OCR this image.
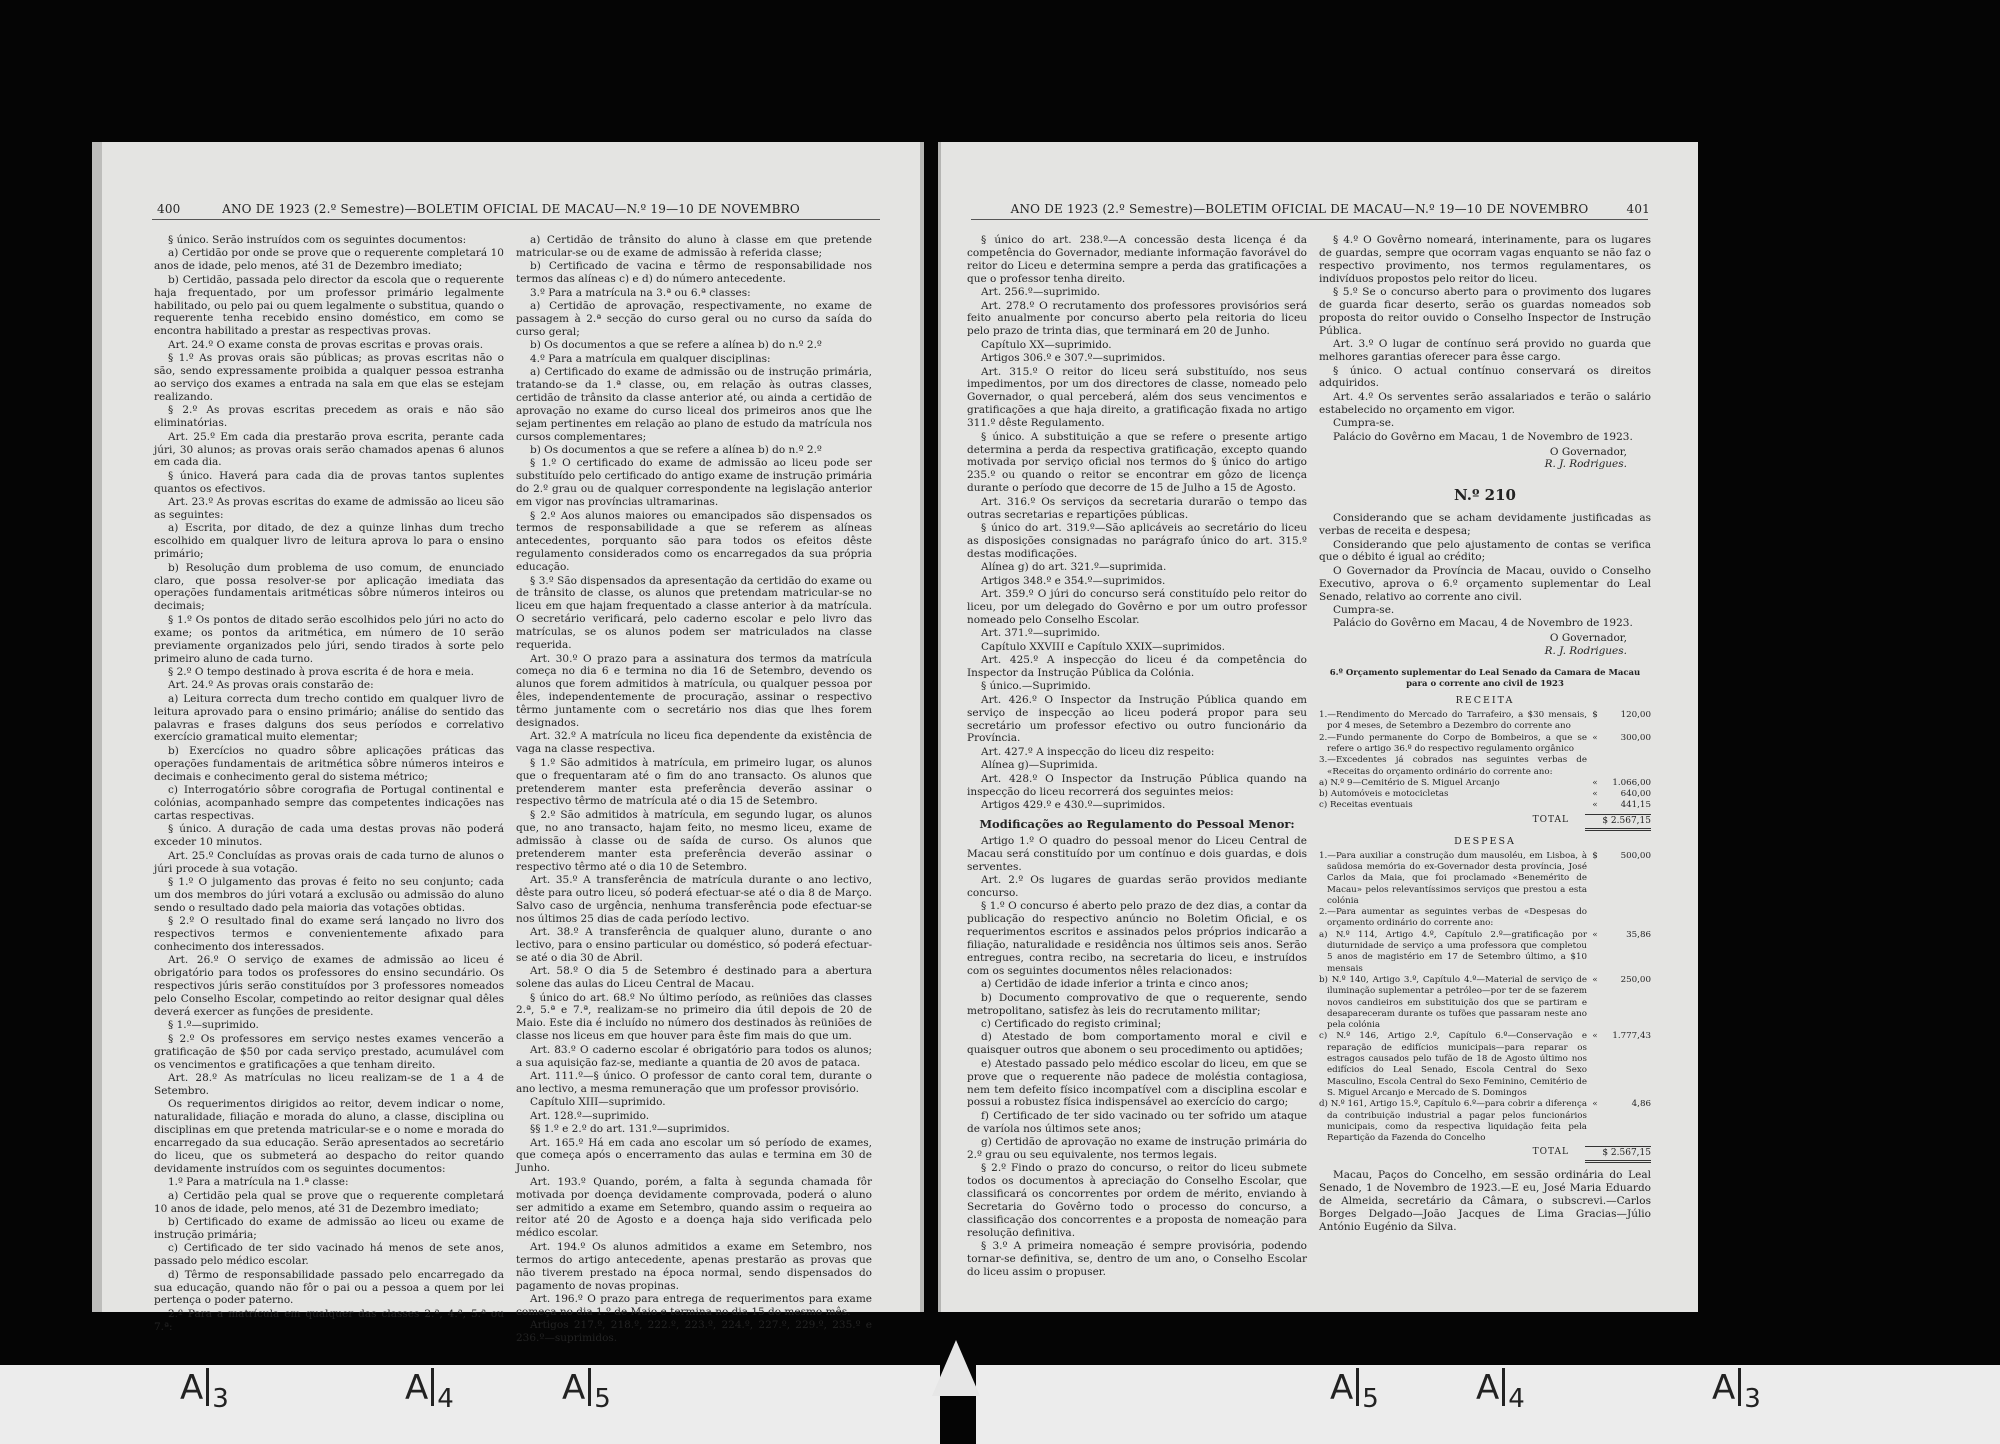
400	ANO DE 1923 (2.º Semestre)—BOLETIM OFICIAL DE MACAU—N.º 19—10 DE NOVEMBRO

§ único. Serão instruídos com os seguintes documentos:

a) Certidão por onde se prove que o requerente completará 10 anos de idade, pelo menos, até 31 de Dezembro imediato;

b) Certidão, passada pelo director da escola que o requerente haja frequentado, por um professor primário legalmente habilitado, ou pelo pai ou quem legalmente o substitua, quando o requerente tenha recebido ensino doméstico, em como se encontra habilitado a prestar as respectivas provas.

Art. 24.º O exame consta de provas escritas e provas orais.

§ 1.º As provas orais são públicas; as provas escritas não o são, sendo expressamente proibida a qualquer pessoa estranha ao serviço dos exames a entrada na sala em que elas se estejam realizando.

§ 2.º As provas escritas precedem as orais e não são eliminatórias.

Art. 25.º Em cada dia prestarão prova escrita, perante cada júri, 30 alunos; as provas orais serão chamados apenas 6 alunos em cada dia.

§ único. Haverá para cada dia de provas tantos suplentes quantos os efectivos.

Art. 23.º As provas escritas do exame de admissão ao liceu são as seguintes:

a) Escrita, por ditado, de dez a quinze linhas dum trecho escolhido em qualquer livro de leitura aprova lo para o ensino primário;

b) Resolução dum problema de uso comum, de enunciado claro, que possa resolver-se por aplicação imediata das operações fundamentais aritméticas sôbre números inteiros ou decimais;

§ 1.º Os pontos de ditado serão escolhidos pelo júri no acto do exame; os pontos da aritmética, em número de 10 serão previamente organizados pelo júri, sendo tirados à sorte pelo primeiro aluno de cada turno.

§ 2.º O tempo destinado à prova escrita é de hora e meia.

Art. 24.º As provas orais constarão de:

a) Leitura correcta dum trecho contido em qualquer livro de leitura aprovado para o ensino primário; análise do sentido das palavras e frases dalguns dos seus períodos e correlativo exercício gramatical muito elementar;

b) Exercícios no quadro sôbre aplicações práticas das operações fundamentais de aritmética sôbre números inteiros e decimais e conhecimento geral do sistema métrico;

c) Interrogatório sôbre corografia de Portugal continental e colónias, acompanhado sempre das competentes indicações nas cartas respectivas.

§ único. A duração de cada uma destas provas não poderá exceder 10 minutos.

Art. 25.º Concluídas as provas orais de cada turno de alunos o júri procede à sua votação.

§ 1.º O julgamento das provas é feito no seu conjunto; cada um dos membros do júri votará a exclusão ou admissão do aluno sendo o resultado dado pela maioria das votações obtidas.

§ 2.º O resultado final do exame será lançado no livro dos respectivos termos e convenientemente afixado para conhecimento dos interessados.

Art. 26.º O serviço de exames de admissão ao liceu é obrigatório para todos os professores do ensino secundário. Os respectivos júris serão constituídos por 3 professores nomeados pelo Conselho Escolar, competindo ao reitor designar qual dêles deverá exercer as funções de presidente.

§ 1.º—suprimido.

§ 2.º Os professores em serviço nestes exames vencerão a gratificação de $50 por cada serviço prestado, acumulável com os vencimentos e gratificações a que tenham direito.

Art. 28.º As matrículas no liceu realizam-se de 1 a 4 de Setembro.

Os requerimentos dirigidos ao reitor, devem indicar o nome, naturalidade, filiação e morada do aluno, a classe, disciplina ou disciplinas em que pretenda matricular-se e o nome e morada do encarregado da sua educação. Serão apresentados ao secretário do liceu, que os submeterá ao despacho do reitor quando devidamente instruídos com os seguintes documentos:

1.º Para a matrícula na 1.ª classe:

a) Certidão pela qual se prove que o requerente completará 10 anos de idade, pelo menos, até 31 de Dezembro imediato;

b) Certificado do exame de admissão ao liceu ou exame de instrução primária;

c) Certificado de ter sido vacinado há menos de sete anos, passado pelo médico escolar.

d) Têrmo de responsabilidade passado pelo encarregado da sua educação, quando não fôr o pai ou a pessoa a quem por lei pertença o poder paterno.

2.º Para a matrícula em qualquer das classes 2.ª, 4.ª, 5.ª ou 7.ª:

a) Certidão de trânsito do aluno à classe em que pretende matricular-se ou de exame de admissão à referida classe;

b) Certificado de vacina e têrmo de responsabilidade nos termos das alíneas c) e d) do número antecedente.

3.º Para a matrícula na 3.ª ou 6.ª classes:

a) Certidão de aprovação, respectivamente, no exame de passagem à 2.ª secção do curso geral ou no curso da saída do curso geral;

b) Os documentos a que se refere a alínea b) do n.º 2.º

4.º Para a matrícula em qualquer disciplinas:

a) Certificado do exame de admissão ou de instrução primária, tratando-se da 1.ª classe, ou, em relação às outras classes, certidão de trânsito da classe anterior até, ou ainda a certidão de aprovação no exame do curso liceal dos primeiros anos que lhe sejam pertinentes em relação ao plano de estudo da matrícula nos cursos complementares;

b) Os documentos a que se refere a alínea b) do n.º 2.º

§ 1.º O certificado do exame de admissão ao liceu pode ser substituído pelo certificado do antigo exame de instrução primária do 2.º grau ou de qualquer correspondente na legislação anterior em vigor nas províncias ultramarinas.

§ 2.º Aos alunos maiores ou emancipados são dispensados os termos de responsabilidade a que se referem as alíneas antecedentes, porquanto são para todos os efeitos dêste regulamento considerados como os encarregados da sua própria educação.

§ 3.º São dispensados da apresentação da certidão do exame ou de trânsito de classe, os alunos que pretendam matricular-se no liceu em que hajam frequentado a classe anterior à da matrícula. O secretário verificará, pelo caderno escolar e pelo livro das matrículas, se os alunos podem ser matriculados na classe requerida.

Art. 30.º O prazo para a assinatura dos termos da matrícula começa no dia 6 e termina no dia 16 de Setembro, devendo os alunos que forem admitidos à matrícula, ou qualquer pessoa por êles, independentemente de procuração, assinar o respectivo têrmo juntamente com o secretário nos dias que lhes forem designados.

Art. 32.º A matrícula no liceu fica dependente da existência de vaga na classe respectiva.

§ 1.º São admitidos à matrícula, em primeiro lugar, os alunos que o frequentaram até o fim do ano transacto. Os alunos que pretenderem manter esta preferência deverão assinar o respectivo têrmo de matrícula até o dia 15 de Setembro.

§ 2.º São admitidos à matrícula, em segundo lugar, os alunos que, no ano transacto, hajam feito, no mesmo liceu, exame de admissão à classe ou de saída de curso. Os alunos que pretenderem manter esta preferência deverão assinar o respectivo têrmo até o dia 10 de Setembro.

Art. 35.º A transferência de matrícula durante o ano lectivo, dêste para outro liceu, só poderá efectuar-se até o dia 8 de Março. Salvo caso de urgência, nenhuma transferência pode efectuar-se nos últimos 25 dias de cada período lectivo.

Art. 38.º A transferência de qualquer aluno, durante o ano lectivo, para o ensino particular ou doméstico, só poderá efectuar-se até o dia 30 de Abril.

Art. 58.º O dia 5 de Setembro é destinado para a abertura solene das aulas do Liceu Central de Macau.

§ único do art. 68.º No último período, as reüniões das classes 2.ª, 5.ª e 7.ª, realizam-se no primeiro dia útil depois de 20 de Maio. Este dia é incluído no número dos destinados às reüniões de classe nos liceus em que houver para êste fim mais do que um.

Art. 83.º O caderno escolar é obrigatório para todos os alunos; a sua aquisição faz-se, mediante a quantia de 20 avos de pataca.

Art. 111.º—§ único. O professor de canto coral tem, durante o ano lectivo, a mesma remuneração que um professor provisório.

Capítulo XIII—suprimido.

Art. 128.º—suprimido.

§§ 1.º e 2.º do art. 131.º—suprimidos.

Art. 165.º Há em cada ano escolar um só período de exames, que começa após o encerramento das aulas e termina em 30 de Junho.

Art. 193.º Quando, porém, a falta à segunda chamada fôr motivada por doença devidamente comprovada, poderá o aluno ser admitido a exame em Setembro, quando assim o requeira ao reitor até 20 de Agosto e a doença haja sido verificada pelo médico escolar.

Art. 194.º Os alunos admitidos a exame em Setembro, nos termos do artigo antecedente, apenas prestarão as provas que não tiverem prestado na época normal, sendo dispensados do pagamento de novas propinas.

Art. 196.º O prazo para entrega de requerimentos para exame começa no dia 1.º de Maio e termina no dia 15 do mesmo mês.

Artigos 217.º, 218.º, 222.º, 223.º, 224.º, 227.º, 229.º, 235.º e 236.º—suprimidos.

ANO DE 1923 (2.º Semestre)—BOLETIM OFICIAL DE MACAU—N.º 19—10 DE NOVEMBRO	401

§ único do art. 238.º—A concessão desta licença é da competência do Governador, mediante informação favorável do reitor do Liceu e determina sempre a perda das gratificações a que o professor tenha direito.

Art. 256.º—suprimido.

Art. 278.º O recrutamento dos professores provisórios será feito anualmente por concurso aberto pela reitoria do liceu pelo prazo de trinta dias, que terminará em 20 de Junho.

Capítulo XX—suprimido.

Artigos 306.º e 307.º—suprimidos.

Art. 315.º O reitor do liceu será substituído, nos seus impedimentos, por um dos directores de classe, nomeado pelo Governador, o qual perceberá, além dos seus vencimentos e gratificações a que haja direito, a gratificação fixada no artigo 311.º dêste Regulamento.

§ único. A substituição a que se refere o presente artigo determina a perda da respectiva gratificação, excepto quando motivada por serviço oficial nos termos do § único do artigo 235.º ou quando o reitor se encontrar em gôzo de licença durante o período que decorre de 15 de Julho a 15 de Agosto.

Art. 316.º Os serviços da secretaria durarão o tempo das outras secretarias e repartições públicas.

§ único do art. 319.º—São aplicáveis ao secretário do liceu as disposições consignadas no parágrafo único do art. 315.º destas modificações.

Alínea g) do art. 321.º—suprimida.

Artigos 348.º e 354.º—suprimidos.

Art. 359.º O júri do concurso será constituído pelo reitor do liceu, por um delegado do Govêrno e por um outro professor nomeado pelo Conselho Escolar.

Art. 371.º—suprimido.

Capítulo XXVIII e Capítulo XXIX—suprimidos.

Art. 425.º A inspecção do liceu é da competência do Inspector da Instrução Pública da Colónia.

§ único.—Suprimido.

Art. 426.º O Inspector da Instrução Pública quando em serviço de inspecção ao liceu poderá propor para seu secretário um professor efectivo ou outro funcionário da Província.

Art. 427.º A inspecção do liceu diz respeito:

Alínea g)—Suprimida.

Art. 428.º O Inspector da Instrução Pública quando na inspecção do liceu recorrerá dos seguintes meios:

Artigos 429.º e 430.º—suprimidos.

Modificações ao Regulamento do Pessoal Menor:

Artigo 1.º O quadro do pessoal menor do Liceu Central de Macau será constituído por um contínuo e dois guardas, e dois serventes.

Art. 2.º Os lugares de guardas serão providos mediante concurso.

§ 1.º O concurso é aberto pelo prazo de dez dias, a contar da publicação do respectivo anúncio no Boletim Oficial, e os requerimentos escritos e assinados pelos próprios indicarão a filiação, naturalidade e residência nos últimos seis anos. Serão entregues, contra recibo, na secretaria do liceu, e instruídos com os seguintes documentos nêles relacionados:

a) Certidão de idade inferior a trinta e cinco anos;

b) Documento comprovativo de que o requerente, sendo metropolitano, satisfez às leis do recrutamento militar;

c) Certificado do registo criminal;

d) Atestado de bom comportamento moral e civil e quaisquer outros que abonem o seu procedimento ou aptidões;

e) Atestado passado pelo médico escolar do liceu, em que se prove que o requerente não padece de moléstia contagiosa, nem tem defeito físico incompatível com a disciplina escolar e possui a robustez física indispensável ao exercício do cargo;

f) Certificado de ter sido vacinado ou ter sofrido um ataque de varíola nos últimos sete anos;

g) Certidão de aprovação no exame de instrução primária do 2.º grau ou seu equivalente, nos termos legais.

§ 2.º Findo o prazo do concurso, o reitor do liceu submete todos os documentos à apreciação do Conselho Escolar, que classificará os concorrentes por ordem de mérito, enviando à Secretaria do Govêrno todo o processo do concurso, a classificação dos concorrentes e a proposta de nomeação para resolução definitiva.

§ 3.º A primeira nomeação é sempre provisória, podendo tornar-se definitiva, se, dentro de um ano, o Conselho Escolar do liceu assim o propuser.

§ 4.º O Govêrno nomeará, interinamente, para os lugares de guardas, sempre que ocorram vagas enquanto se não faz o respectivo provimento, nos termos regulamentares, os indivíduos propostos pelo reitor do liceu.

§ 5.º Se o concurso aberto para o provimento dos lugares de guarda ficar deserto, serão os guardas nomeados sob proposta do reitor ouvido o Conselho Inspector de Instrução Pública.

Art. 3.º O lugar de contínuo será provido no guarda que melhores garantias oferecer para êsse cargo.

§ único. O actual contínuo conservará os direitos adquiridos.

Art. 4.º Os serventes serão assalariados e terão o salário estabelecido no orçamento em vigor.

Cumpra-se.

Palácio do Govêrno em Macau, 1 de Novembro de 1923.

O Governador,
R. J. Rodrigues.
N.º 210

Considerando que se acham devidamente justificadas as verbas de receita e despesa;

Considerando que pelo ajustamento de contas se verifica que o débito é igual ao crédito;

O Governador da Província de Macau, ouvido o Conselho Executivo, aprova o 6.º orçamento suplementar do Leal Senado, relativo ao corrente ano civil.

Cumpra-se.

Palácio do Govêrno em Macau, 4 de Novembro de 1923.

O Governador,
R. J. Rodrigues.
6.º Orçamento suplementar do Leal Senado da Camara de Macau para o corrente ano civil de 1923
RECEITA
1.—Rendimento do Mercado do Tarrafeiro, a $30 mensais, por 4 meses, de Setembro a Dezembro do corrente ano
$	120,00
2.—Fundo permanente do Corpo de Bombeiros, a que se refere o artigo 36.º do respectivo regulamento orgânico
«	300,00
3.—Excedentes já cobrados nas seguintes verbas de «Receitas do orçamento ordinário do corrente ano:
a) N.º 9—Cemitério de S. Miguel Arcanjo	«	1.066,00
b) Automóveis e motocicletas	«	640,00
c) Receitas eventuais	«	441,15
TOTAL	$ 2.567,15
DESPESA
1.—Para auxiliar a construção dum mausoléu, em Lisboa, à saüdosa memória do ex-Governador desta província, José Carlos da Maia, que foi proclamado «Benemérito de Macau» pelos relevantíssimos serviços que prestou a esta colónia
$	500,00
2.—Para aumentar as seguintes verbas de «Despesas do orçamento ordinário do corrente ano:
a) N.º 114, Artigo 4.º, Capítulo 2.º—gratificação por diuturnidade de serviço a uma professora que completou 5 anos de magistério em 17 de Setembro último, a $10 mensais
«	35,86
b) N.º 140, Artigo 3.º, Capítulo 4.º—Material de serviço de iluminação suplementar a petróleo—por ter de se fazerem novos candieiros em substituição dos que se partiram e desapareceram durante os tufões que passaram neste ano pela colónia
«	250,00
c) N.º 146, Artigo 2.º, Capítulo 6.º—Conservação e reparação de edifícios municipais—para reparar os estragos causados pelo tufão de 18 de Agosto último nos edifícios do Leal Senado, Escola Central do Sexo Masculino, Escola Central do Sexo Feminino, Cemitério de S. Miguel Arcanjo e Mercado de S. Domingos
«	1.777,43
d) N.º 161, Artigo 15.º, Capítulo 6.º—para cobrir a diferença da contribuição industrial a pagar pelos funcionários municipais, como da respectiva liquidação feita pela Repartição da Fazenda do Concelho
«	4,86
TOTAL	$ 2.567,15

Macau, Paços do Concelho, em sessão ordinária do Leal Senado, 1 de Novembro de 1923.—E eu, José Maria Eduardo de Almeida, secretário da Câmara, o subscrevi.—Carlos Borges Delgado—João Jacques de Lima Gracias—Júlio António Eugénio da Silva.

A $_3$	A $_4$	A $_5$	A $_5$	A $_4$	A $_3$
